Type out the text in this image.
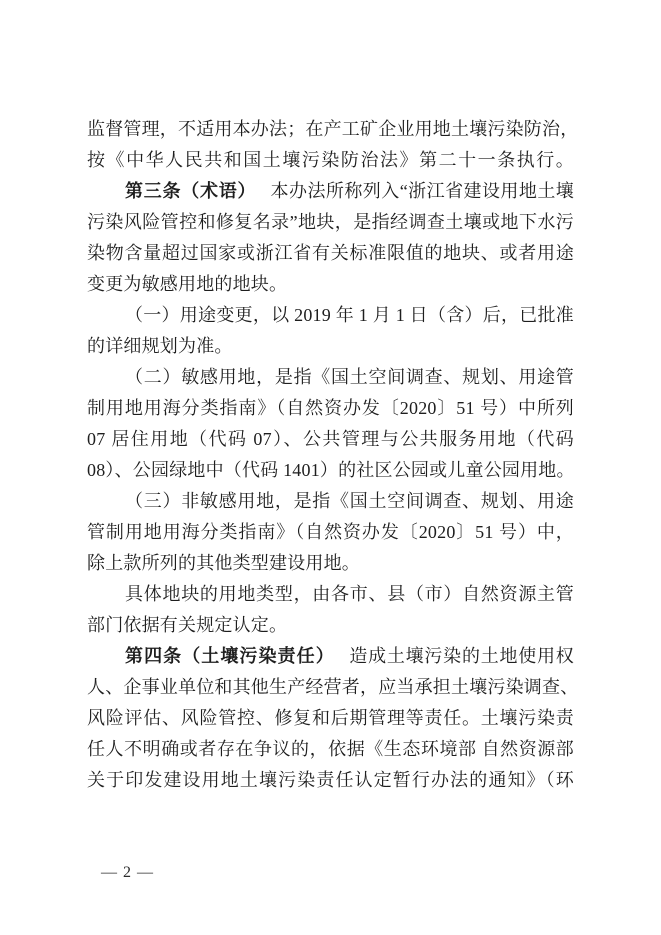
监督管理，不适用本办法；在产工矿企业用地土壤污染防治，
按《中华人民共和国土壤污染防治法》第二十一条执行。
第三条（术语） 本办法所称列入“浙江省建设用地土壤
污染风险管控和修复名录”地块，是指经调查土壤或地下水污
染物含量超过国家或浙江省有关标准限值的地块、或者用途
变更为敏感用地的地块。
（一）用途变更，以 2019 年 1 月 1 日（含）后，已批准
的详细规划为准。
（二）敏感用地，是指《国土空间调查、规划、用途管
制用地用海分类指南》（自然资办发〔2020〕51 号）中所列
07 居住用地（代码 07）、公共管理与公共服务用地（代码
08）、公园绿地中（代码 1401）的社区公园或儿童公园用地。
（三）非敏感用地，是指《国土空间调查、规划、用途
管制用地用海分类指南》（自然资办发〔2020〕51 号）中，
除上款所列的其他类型建设用地。
具体地块的用地类型，由各市、县（市）自然资源主管
部门依据有关规定认定。
第四条（土壤污染责任） 造成土壤污染的土地使用权
人、企事业单位和其他生产经营者，应当承担土壤污染调查、
风险评估、风险管控、修复和后期管理等责任。土壤污染责
任人不明确或者存在争议的，依据《生态环境部 自然资源部
关于印发建设用地土壤污染责任认定暂行办法的通知》（环
— 2 —
